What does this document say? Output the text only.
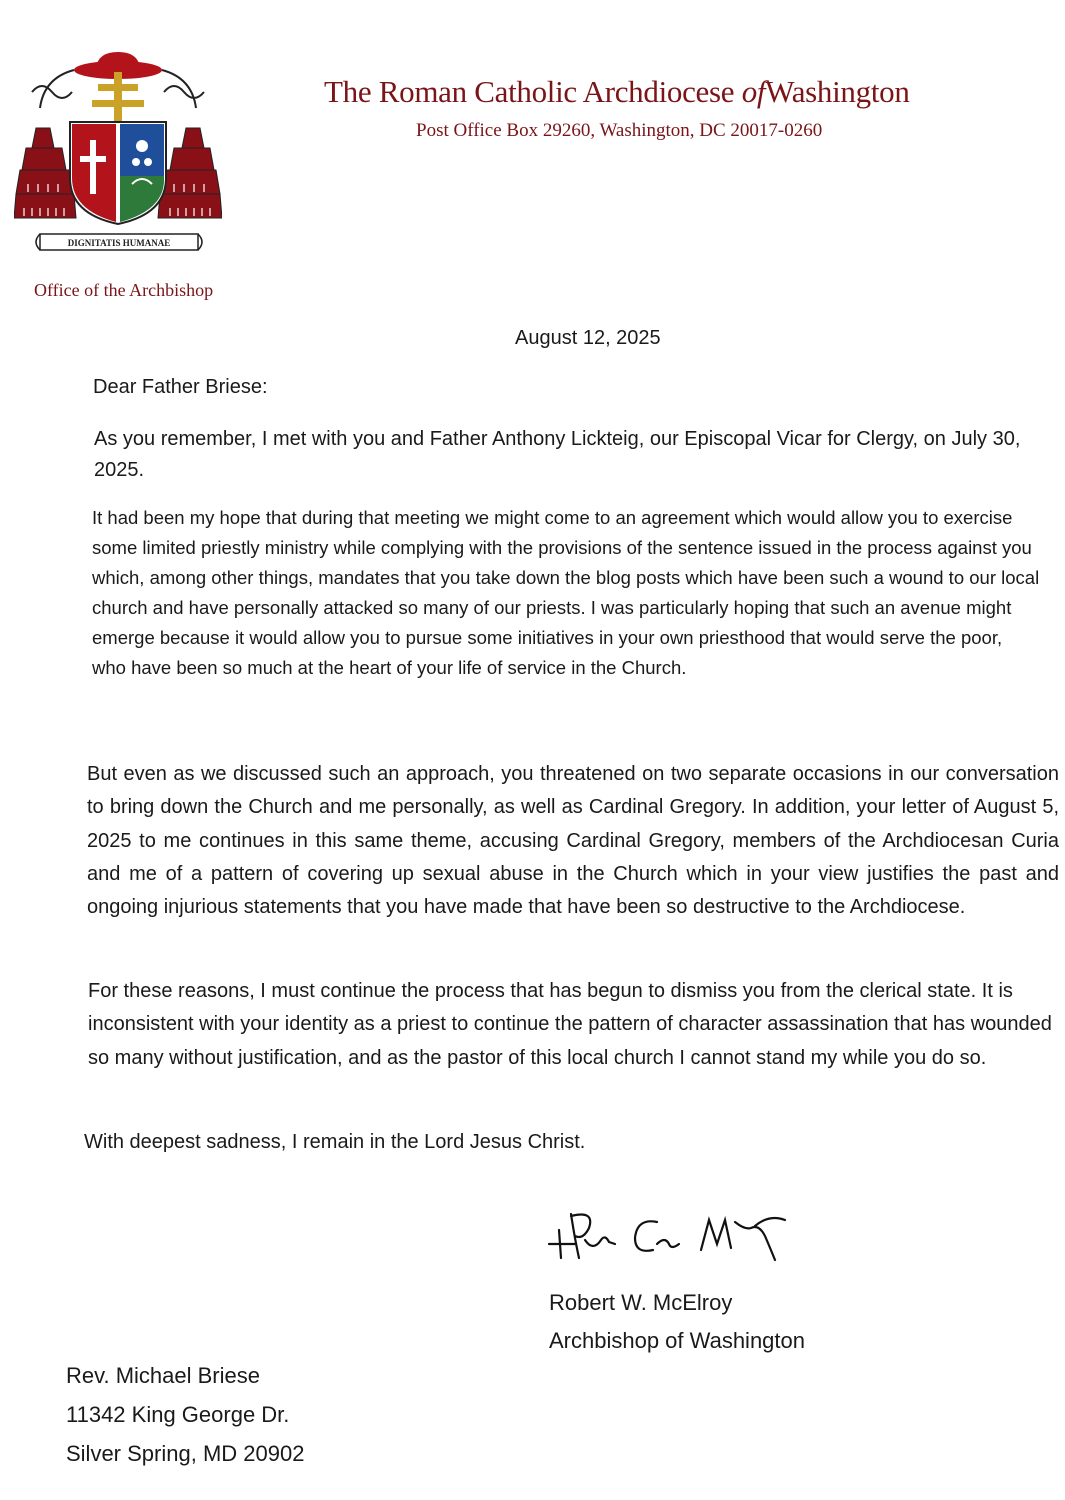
DIGNITATIS HUMANAE
Office of the Archbishop
The Roman Catholic Archdiocese ofWashington
Post Office Box 29260, Washington, DC 20017-0260
August 12, 2025
Dear Father Briese:

As you remember, I met with you and Father Anthony Lickteig, our Episcopal Vicar for Clergy, on July 30, 2025.

It had been my hope that during that meeting we might come to an agreement which would allow you to exercise some limited priestly ministry while complying with the provisions of the sentence issued in the process against you which, among other things, mandates that you take down the blog posts which have been such a wound to our local church and have personally attacked so many of our priests. I was particularly hoping that such an avenue might emerge because it would allow you to pursue some initiatives in your own priesthood that would serve the poor, who have been so much at the heart of your life of service in the Church.

But even as we discussed such an approach, you threatened on two separate occasions in our conversation to bring down the Church and me personally, as well as Cardinal Gregory. In addition, your letter of August 5, 2025 to me continues in this same theme, accusing Cardinal Gregory, members of the Archdiocesan Curia and me of a pattern of covering up sexual abuse in the Church which in your view justifies the past and ongoing injurious statements that you have made that have been so destructive to the Archdiocese.

For these reasons, I must continue the process that has begun to dismiss you from the clerical state. It is inconsistent with your identity as a priest to continue the pattern of character assassination that has wounded so many without justification, and as the pastor of this local church I cannot stand my while you do so.

With deepest sadness, I remain in the Lord Jesus Christ.

Robert W. McElroy
Archbishop of Washington
Rev. Michael Briese
11342 King George Dr.
Silver Spring, MD 20902
